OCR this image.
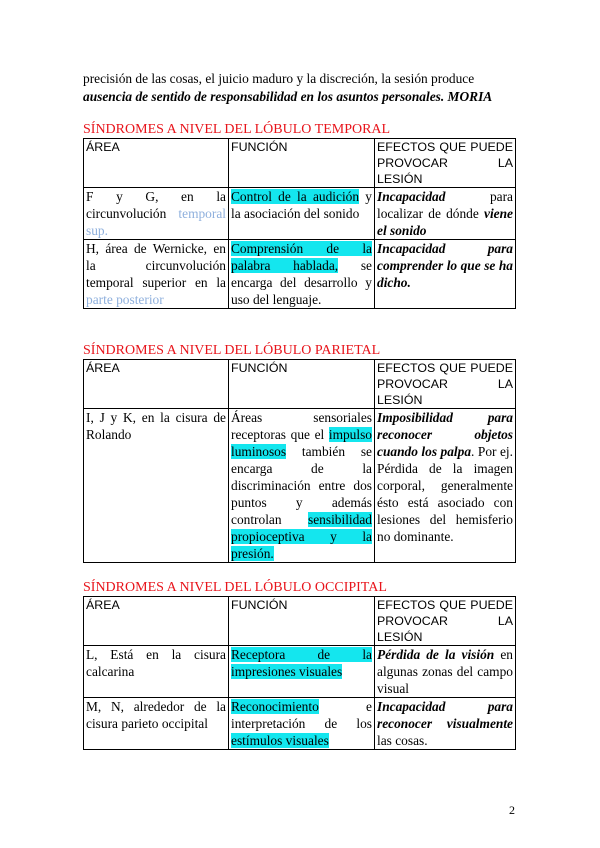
precisión de las cosas, el juicio maduro y la discreción, la sesión produce
ausencia de sentido de responsabilidad en los asuntos personales. MORIA

SÍNDROMES A NIVEL DEL LÓBULO TEMPORAL

ÁREA	FUNCIÓN	EFECTOS QUE PUEDE PROVOCAR LA LESIÓN
F y G, en la circunvolución temporal sup.	Control de la audición y la asociación del sonido	Incapacidad para localizar de dónde viene el sonido
H, área de Wernicke, en la circunvolución temporal superior en la parte posterior	Comprensión de la palabra hablada, se encarga del desarrollo y uso del lenguaje.	Incapacidad para comprender lo que se ha dicho.

SÍNDROMES A NIVEL DEL LÓBULO PARIETAL

ÁREA	FUNCIÓN	EFECTOS QUE PUEDE PROVOCAR LA LESIÓN
I, J y K, en la cisura de Rolando	Áreas sensoriales receptoras que el impulso luminosos también se encarga de la discriminación entre dos puntos y además controlan sensibilidad propioceptiva y la presión.	Imposibilidad para reconocer objetos cuando los palpa. Por ej. Pérdida de la imagen corporal, generalmente ésto está asociado con lesiones del hemisferio no dominante.

SÍNDROMES A NIVEL DEL LÓBULO OCCIPITAL

ÁREA	FUNCIÓN	EFECTOS QUE PUEDE PROVOCAR LA LESIÓN
L, Está en la cisura calcarina	Receptora de la impresiones visuales	Pérdida de la visión en algunas zonas del campo visual
M, N, alrededor de la cisura parieto occipital	Reconocimiento e interpretación de los estímulos visuales	Incapacidad para reconocer visualmente las cosas.
2
